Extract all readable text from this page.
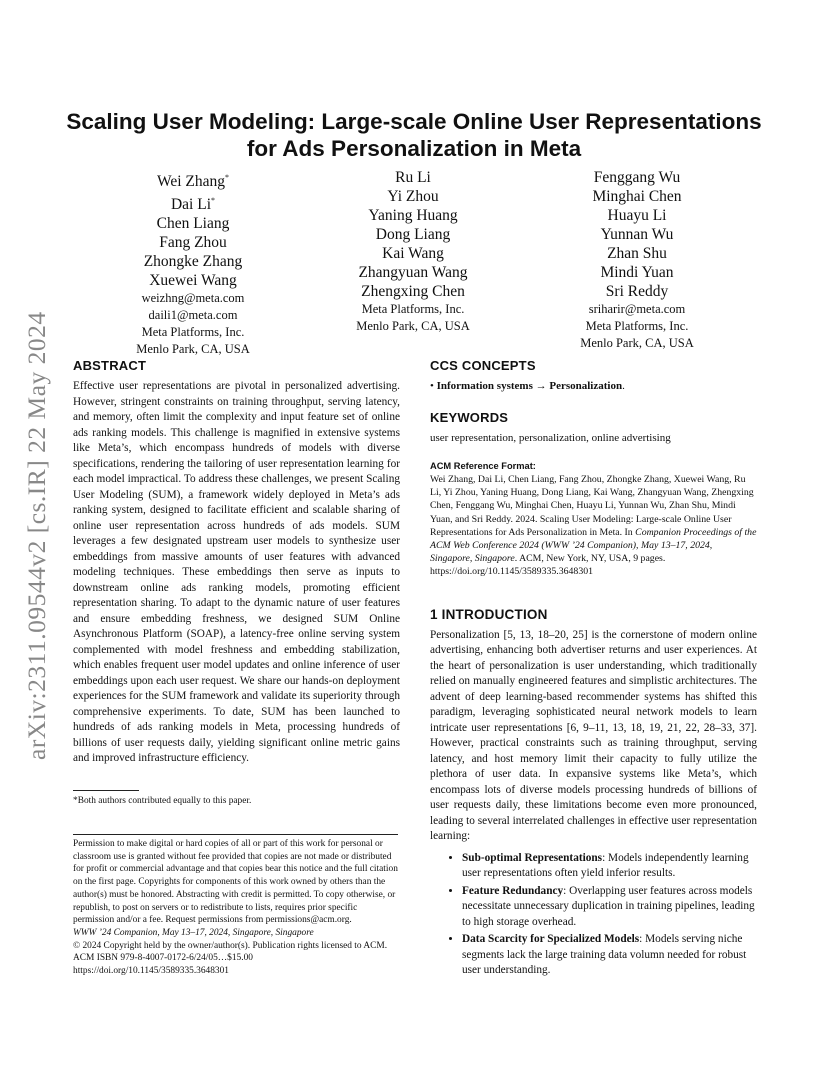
arXiv:2311.09544v2 [cs.IR] 22 May 2024
Scaling User Modeling: Large-scale Online User Representations for Ads Personalization in Meta
Wei Zhang*
Dai Li*
Chen Liang
Fang Zhou
Zhongke Zhang
Xuewei Wang
weizhng@meta.com
daili1@meta.com
Meta Platforms, Inc.
Menlo Park, CA, USA
Ru Li
Yi Zhou
Yaning Huang
Dong Liang
Kai Wang
Zhangyuan Wang
Zhengxing Chen
Meta Platforms, Inc.
Menlo Park, CA, USA
Fenggang Wu
Minghai Chen
Huayu Li
Yunnan Wu
Zhan Shu
Mindi Yuan
Sri Reddy
sriharir@meta.com
Meta Platforms, Inc.
Menlo Park, CA, USA
ABSTRACT

Effective user representations are pivotal in personalized advertising. However, stringent constraints on training throughput, serving latency, and memory, often limit the complexity and input feature set of online ads ranking models. This challenge is magnified in extensive systems like Meta’s, which encompass hundreds of models with diverse specifications, rendering the tailoring of user representation learning for each model impractical. To address these challenges, we present Scaling User Modeling (SUM), a framework widely deployed in Meta’s ads ranking system, designed to facilitate efficient and scalable sharing of online user representation across hundreds of ads models. SUM leverages a few designated upstream user models to synthesize user embeddings from massive amounts of user features with advanced modeling techniques. These embeddings then serve as inputs to downstream online ads ranking models, promoting efficient representation sharing. To adapt to the dynamic nature of user features and ensure embedding freshness, we designed SUM Online Asynchronous Platform (SOAP), a latency-free online serving system complemented with model freshness and embedding stabilization, which enables frequent user model updates and online inference of user embeddings upon each user request. We share our hands-on deployment experiences for the SUM framework and validate its superiority through comprehensive experiments. To date, SUM has been launched to hundreds of ads ranking models in Meta, processing hundreds of billions of user requests daily, yielding significant online metric gains and improved infrastructure efficiency.

*Both authors contributed equally to this paper.

Permission to make digital or hard copies of all or part of this work for personal or classroom use is granted without fee provided that copies are not made or distributed for profit or commercial advantage and that copies bear this notice and the full citation on the first page. Copyrights for components of this work owned by others than the author(s) must be honored. Abstracting with credit is permitted. To copy otherwise, or republish, to post on servers or to redistribute to lists, requires prior specific permission and/or a fee. Request permissions from permissions@acm.org.

WWW ’24 Companion, May 13–17, 2024, Singapore, Singapore

© 2024 Copyright held by the owner/author(s). Publication rights licensed to ACM.

ACM ISBN 979-8-4007-0172-6/24/05…$15.00

https://doi.org/10.1145/3589335.3648301

CCS CONCEPTS

• Information systems → Personalization.

KEYWORDS

user representation, personalization, online advertising

ACM Reference Format:

Wei Zhang, Dai Li, Chen Liang, Fang Zhou, Zhongke Zhang, Xuewei Wang, Ru Li, Yi Zhou, Yaning Huang, Dong Liang, Kai Wang, Zhangyuan Wang, Zhengxing Chen, Fenggang Wu, Minghai Chen, Huayu Li, Yunnan Wu, Zhan Shu, Mindi Yuan, and Sri Reddy. 2024. Scaling User Modeling: Large-scale Online User Representations for Ads Personalization in Meta. In Companion Proceedings of the ACM Web Conference 2024 (WWW ’24 Companion), May 13–17, 2024, Singapore, Singapore. ACM, New York, NY, USA, 9 pages. https://doi.org/10.1145/3589335.3648301

1 INTRODUCTION

Personalization [5, 13, 18–20, 25] is the cornerstone of modern online advertising, enhancing both advertiser returns and user experiences. At the heart of personalization is user understanding, which traditionally relied on manually engineered features and simplistic architectures. The advent of deep learning-based recommender systems has shifted this paradigm, leveraging sophisticated neural network models to learn intricate user representations [6, 9–11, 13, 18, 19, 21, 22, 28–33, 37]. However, practical constraints such as training throughput, serving latency, and host memory limit their capacity to fully utilize the plethora of user data. In expansive systems like Meta’s, which encompass lots of diverse models processing hundreds of billions of user requests daily, these limitations become even more pronounced, leading to several interrelated challenges in effective user representation learning:

• Sub-optimal Representations: Models independently learning user representations often yield inferior results.
• Feature Redundancy: Overlapping user features across models necessitate unnecessary duplication in training pipelines, leading to high storage overhead.
• Data Scarcity for Specialized Models: Models serving niche segments lack the large training data volumn needed for robust user understanding.
